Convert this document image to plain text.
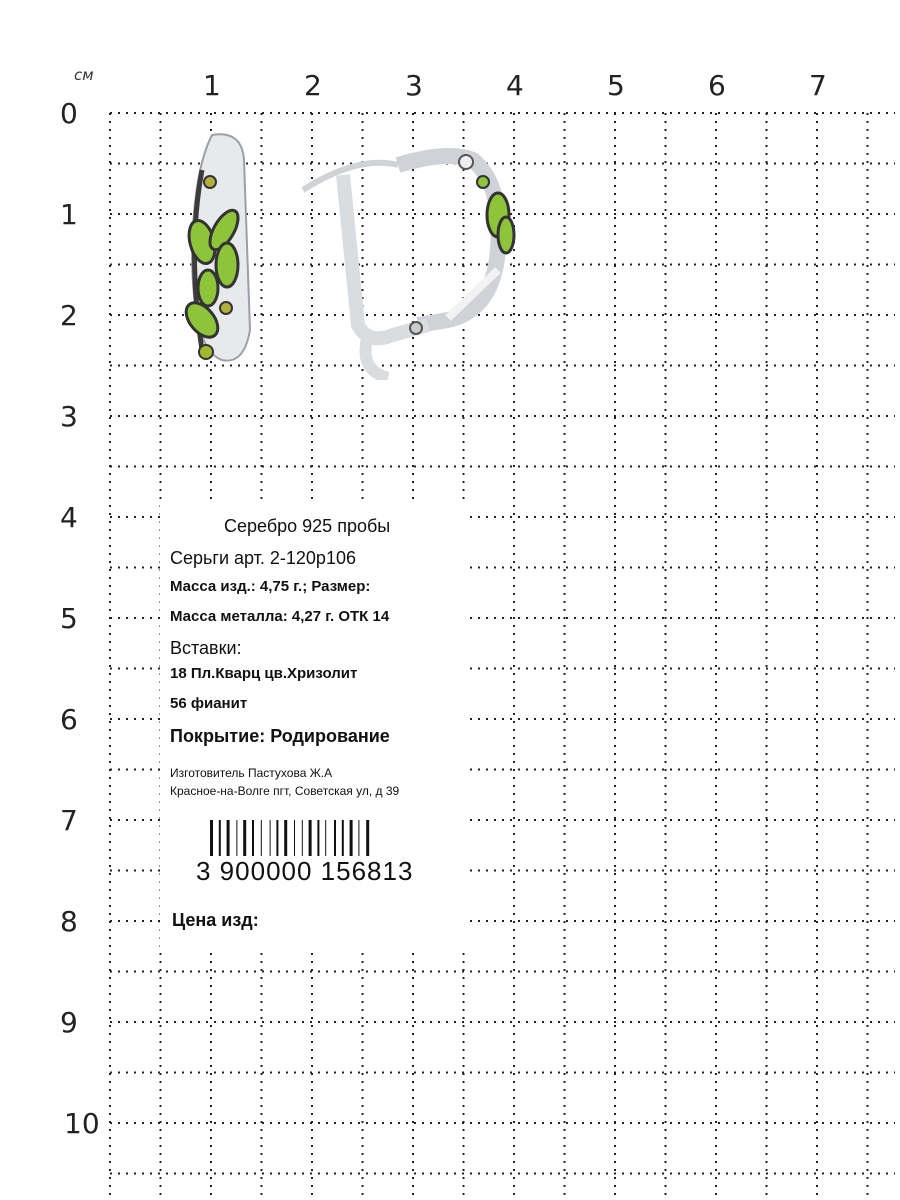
см	1	2	3	4	5	6	7
0
1
2
3
4
5
6
7
8
9
10
Серебро 925 пробы
Серьги арт. 2-120р106
Масса изд.: 4,75 г.; Размер:
Масса металла: 4,27 г. ОТК 14
Вставки:
18 Пл.Кварц цв.Хризолит
56 фианит
Покрытие: Родирование
Изготовитель Пастухова Ж.А
Красное-на-Волге пгт, Советская ул, д 39
3 900000 156813
Цена изд:
